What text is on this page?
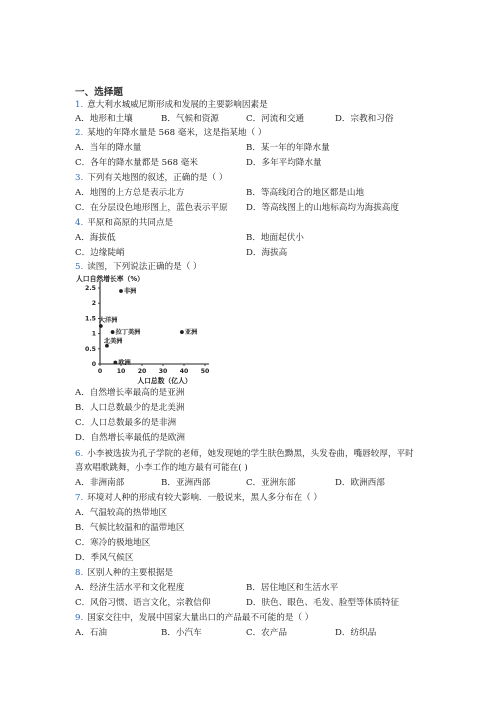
一、选择题
1. 意大利水城威尼斯形成和发展的主要影响因素是
A．地形和土壤	B．气候和资源	C．河流和交通	D．宗教和习俗
2. 某地的年降水量是 568 毫米，这是指某地（ ）
A．当年的降水量	B．某一年的年降水量
C．各年的降水量都是 568 毫米	D．多年平均降水量
3. 下列有关地图的叙述，正确的是（ ）
A．地图的上方总是表示北方	B．等高线闭合的地区都是山地
C．在分层设色地形图上，蓝色表示平原 D．等高线图上的山地标高均为海拔高度
4. 平原和高原的共同点是
A．海拔低	B．地面起伏小
C．边缘陡峭	D．海拔高
5. 读图，下列说法正确的是（ ）
人口自然增长率（%）
0
0.5
1
1.5
2
2.5
0 10 20 30 40 50
人口总数（亿人）
非洲
大洋洲
拉丁美洲	亚洲
北美洲
欧洲
A．自然增长率最高的是亚洲
B．人口总数最少的是北美洲
C．人口总数最多的是非洲
D．自然增长率最低的是欧洲
6. 小李被选拔为孔子学院的老师，她发现她的学生肤色黝黑，头发卷曲，嘴唇较厚，平时
喜欢唱歌跳舞，小李工作的地方最有可能在( )
A．非洲南部	B．亚洲西部	C．亚洲东部	D．欧洲西部
7. 环境对人种的形成有较大影响．一般说来，黑人多分布在（ ）
A．气温较高的热带地区
B．气候比较温和的温带地区
C．寒冷的极地地区
D．季风气候区
8. 区别人种的主要根据是
A．经济生活水平和文化程度	B．居住地区和生活水平
C．风俗习惯、语言文化，宗教信仰	D．肤色、眼色、毛发、脸型等体质特征
9. 国家交往中，发展中国家大量出口的产品最不可能的是（ ）
A．石油	B．小汽车	C．农产品	D．纺织品
